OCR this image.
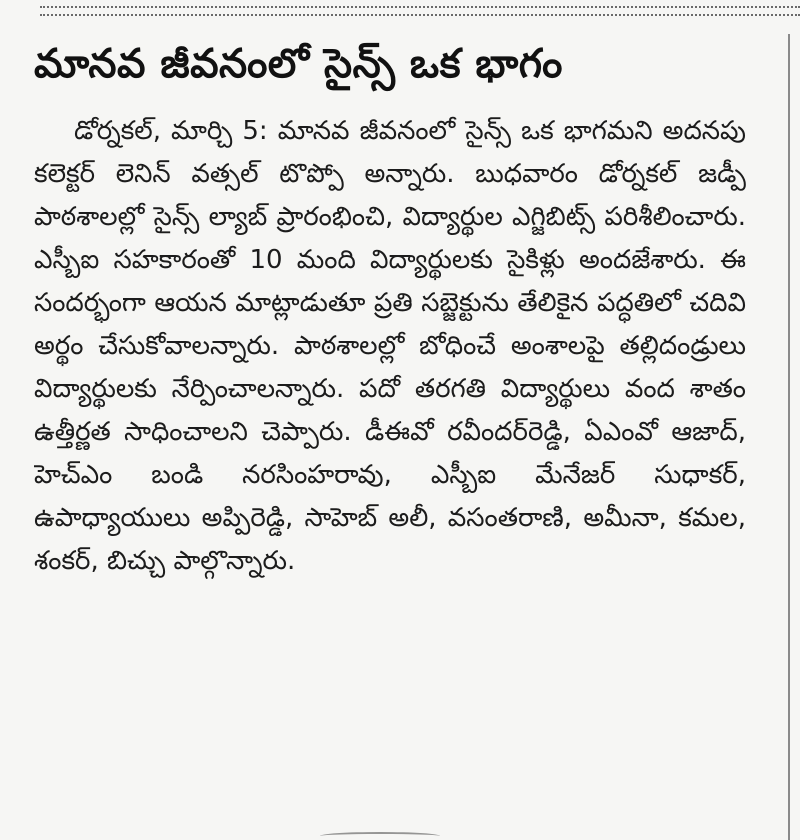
మానవ జీవనంలో సైన్స్ ఒక భాగం

డోర్నకల్, మార్చి 5: మానవ జీవనంలో సైన్స్ ఒక భాగమని అదనపు కలెక్టర్ లెనిన్ వత్సల్ టొప్పో అన్నారు. బుధవారం డోర్నకల్ జడ్పీ పాఠశాలల్లో సైన్స్ ల్యాబ్ ప్రారంభించి, విద్యార్థుల ఎగ్జిబిట్స్ పరిశీలించారు. ఎస్బీఐ సహకారంతో 10 మంది విద్యార్థులకు సైకిళ్లు అందజేశారు. ఈ సందర్భంగా ఆయన మాట్లాడుతూ ప్రతి సబ్జెక్టును తేలికైన పద్ధతిలో చదివి అర్థం చేసుకోవాలన్నారు. పాఠశాలల్లో బోధించే అంశాలపై తల్లిదండ్రులు విద్యార్థులకు నేర్పించాలన్నారు. పదో తరగతి విద్యార్థులు వంద శాతం ఉత్తీర్ణత సాధించాలని చెప్పారు. డీఈవో రవీందర్‌రెడ్డి, ఏఎంవో ఆజాద్, హెచ్ఎం బండి నరసింహరావు, ఎస్బీఐ మేనేజర్ సుధాకర్, ఉపాధ్యాయులు అప్పిరెడ్డి, సాహెబ్ అలీ, వసంతరాణి, అమీనా, కమల, శంకర్, బిచ్చు పాల్గొన్నారు.
